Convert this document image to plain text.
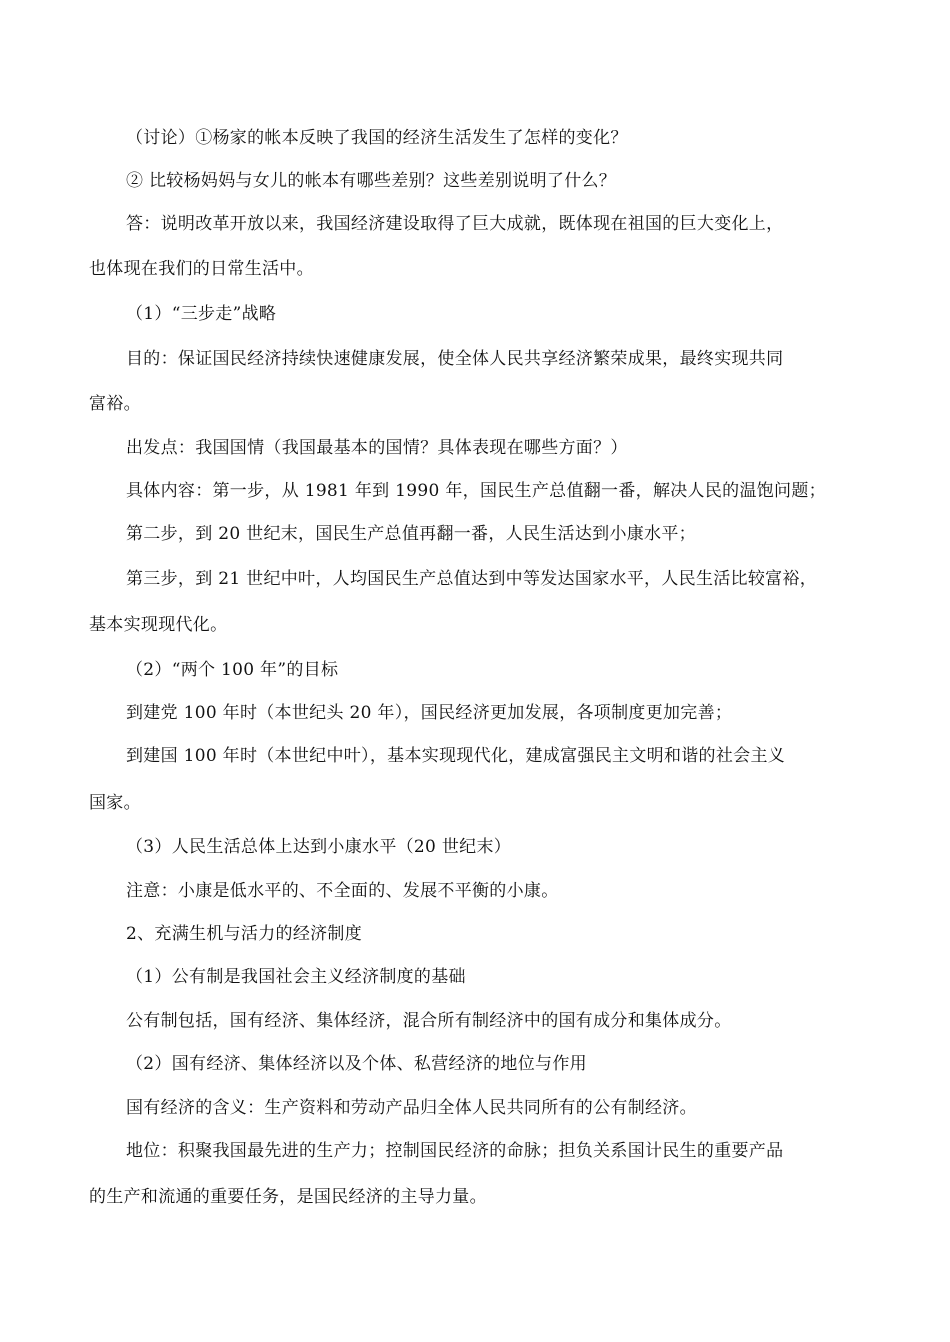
（讨论）①杨家的帐本反映了我国的经济生活发生了怎样的变化？
② 比较杨妈妈与女儿的帐本有哪些差别？这些差别说明了什么？
答：说明改革开放以来，我国经济建设取得了巨大成就，既体现在祖国的巨大变化上，
也体现在我们的日常生活中。
（1）“三步走”战略
目的：保证国民经济持续快速健康发展，使全体人民共享经济繁荣成果，最终实现共同
富裕。
出发点：我国国情（我国最基本的国情？具体表现在哪些方面？）
具体内容：第一步，从 1981 年到 1990 年，国民生产总值翻一番，解决人民的温饱问题；
第二步，到 20 世纪末，国民生产总值再翻一番，人民生活达到小康水平；
第三步，到 21 世纪中叶，人均国民生产总值达到中等发达国家水平，人民生活比较富裕，
基本实现现代化。
（2）“两个 100 年”的目标
到建党 100 年时（本世纪头 20 年），国民经济更加发展，各项制度更加完善；
到建国 100 年时（本世纪中叶），基本实现现代化，建成富强民主文明和谐的社会主义
国家。
（3）人民生活总体上达到小康水平（20 世纪末）
注意：小康是低水平的、不全面的、发展不平衡的小康。
2、充满生机与活力的经济制度
（1）公有制是我国社会主义经济制度的基础
公有制包括，国有经济、集体经济，混合所有制经济中的国有成分和集体成分。
（2）国有经济、集体经济以及个体、私营经济的地位与作用
国有经济的含义：生产资料和劳动产品归全体人民共同所有的公有制经济。
地位：积聚我国最先进的生产力；控制国民经济的命脉；担负关系国计民生的重要产品
的生产和流通的重要任务，是国民经济的主导力量。
